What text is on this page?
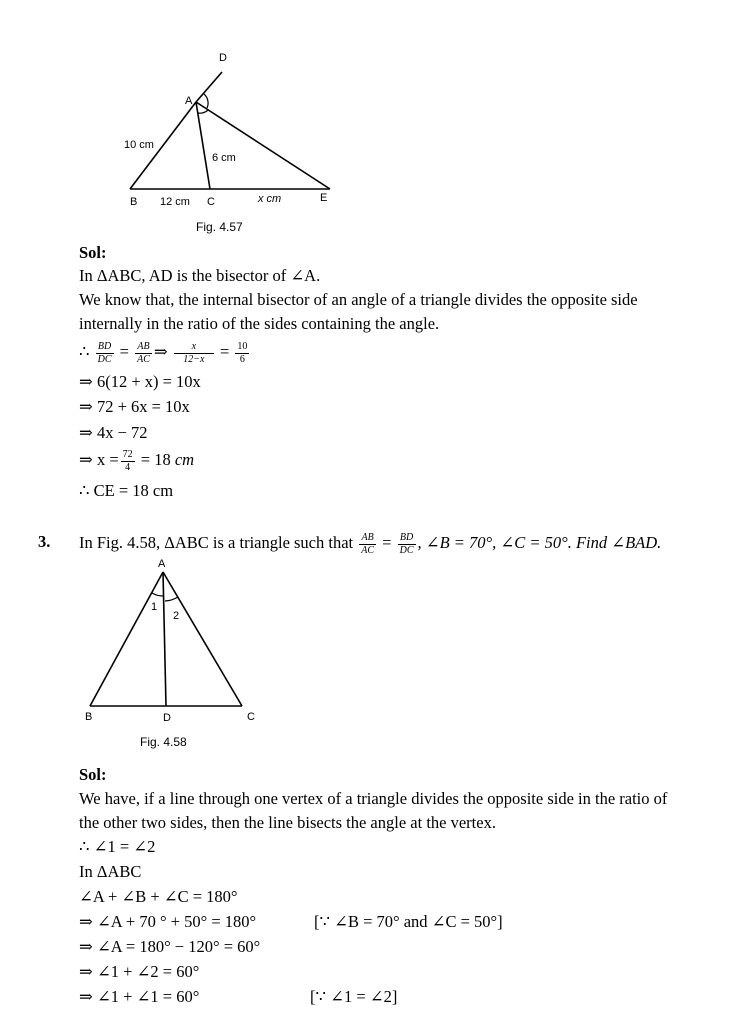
D
A
B	C	E
10 cm
6 cm
12 cm	x cm
Fig. 4.57
Sol:
In ΔABC, AD is the bisector of ∠A.
We know that, the internal bisector of an angle of a triangle divides the opposite side
internally in the ratio of the sides containing the angle.
∴ $\frac{BD}{DC} = \frac{AB}{AC}$ ⇒ $\frac{x}{12-x} = \frac{10}{6}$
⇒ 6(12 + x) = 10x
⇒ 72 + 6x = 10x
⇒ 4x − 72
⇒ $x = \frac{72}{4} = 18$ cm
∴ CE = 18 cm
3. In Fig. 4.58, ΔABC is a triangle such that $\frac{AB}{AC} = \frac{BD}{DC}$ , ∠B = 70°, ∠C = 50°. Find ∠BAD.
A
B	C
D
1
2
Fig. 4.58
Sol:
We have, if a line through one vertex of a triangle divides the opposite side in the ratio of
the other two sides, then the line bisects the angle at the vertex.
∴ ∠1 = ∠2
In ΔABC
∠A + ∠B + ∠C = 180°
⇒ ∠A + 70 ° + 50° = 180°	[∵ ∠B = 70° and ∠C = 50°]
⇒ ∠A = 180° − 120° = 60°
⇒ ∠1 + ∠2 = 60°
⇒ ∠1 + ∠1 = 60°	[∵ ∠1 = ∠2]
